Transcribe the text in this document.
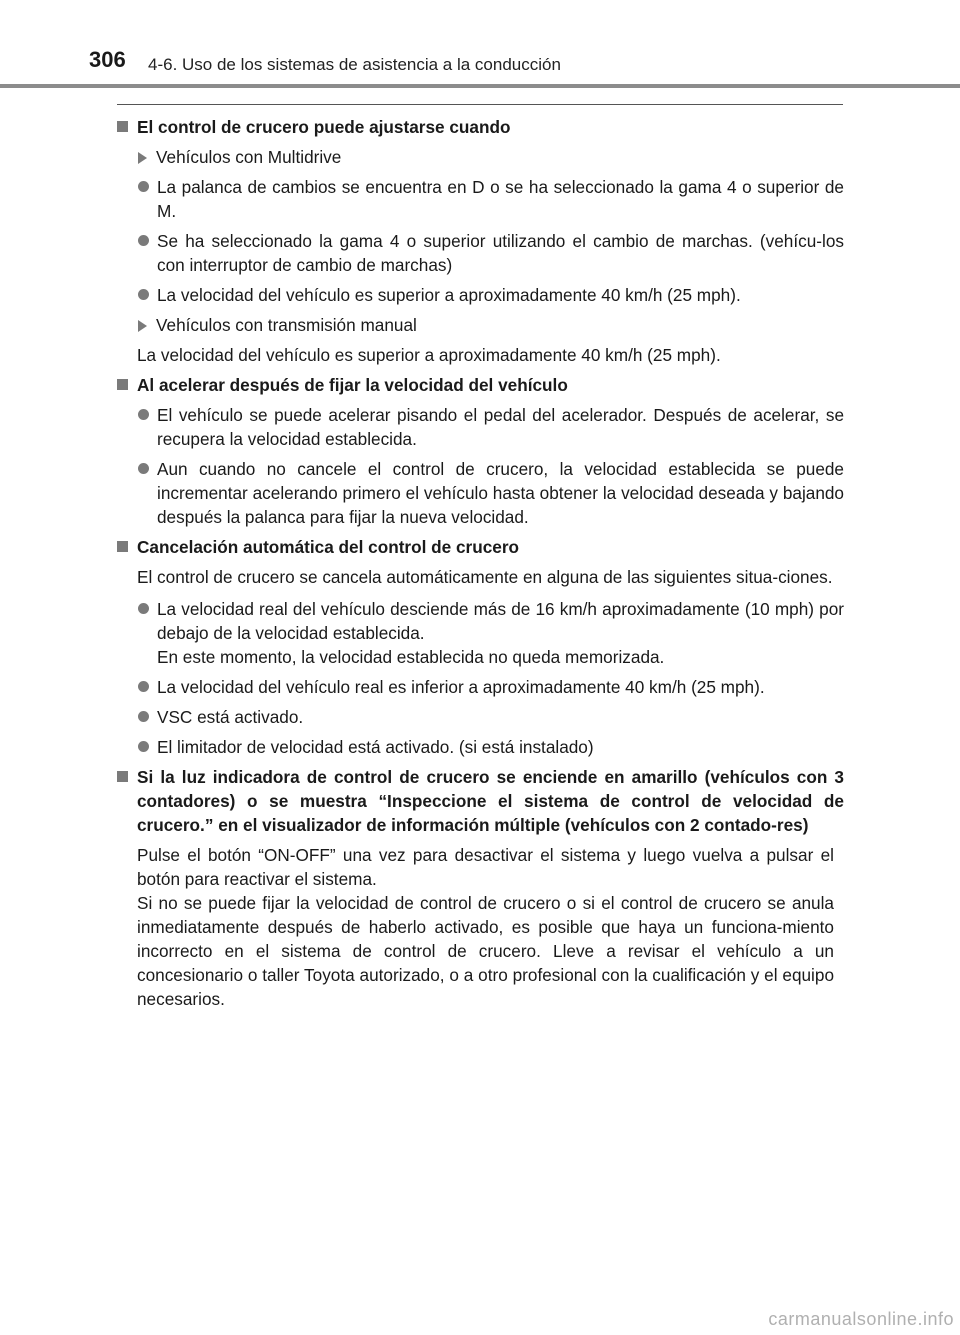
306 4-6. Uso de los sistemas de asistencia a la conducción
El control de crucero puede ajustarse cuando
Vehículos con Multidrive
La palanca de cambios se encuentra en D o se ha seleccionado la gama 4 o superior de M.
Se ha seleccionado la gama 4 o superior utilizando el cambio de marchas. (vehícu-los con interruptor de cambio de marchas)
La velocidad del vehículo es superior a aproximadamente 40 km/h (25 mph).
Vehículos con transmisión manual

La velocidad del vehículo es superior a aproximadamente 40 km/h (25 mph).

Al acelerar después de fijar la velocidad del vehículo
El vehículo se puede acelerar pisando el pedal del acelerador. Después de acelerar, se recupera la velocidad establecida.
Aun cuando no cancele el control de crucero, la velocidad establecida se puede incrementar acelerando primero el vehículo hasta obtener la velocidad deseada y bajando después la palanca para fijar la nueva velocidad.
Cancelación automática del control de crucero

El control de crucero se cancela automáticamente en alguna de las siguientes situa-ciones.

La velocidad real del vehículo desciende más de 16 km/h aproximadamente (10 mph) por debajo de la velocidad establecida.
En este momento, la velocidad establecida no queda memorizada.
La velocidad del vehículo real es inferior a aproximadamente 40 km/h (25 mph).
VSC está activado.
El limitador de velocidad está activado. (si está instalado)
Si la luz indicadora de control de crucero se enciende en amarillo (vehículos con 3 contadores) o se muestra “Inspeccione el sistema de control de velocidad de crucero.” en el visualizador de información múltiple (vehículos con 2 contado-res)

Pulse el botón “ON-OFF” una vez para desactivar el sistema y luego vuelva a pulsar el botón para reactivar el sistema.

Si no se puede fijar la velocidad de control de crucero o si el control de crucero se anula inmediatamente después de haberlo activado, es posible que haya un funciona-miento incorrecto en el sistema de control de crucero. Lleve a revisar el vehículo a un concesionario o taller Toyota autorizado, o a otro profesional con la cualificación y el equipo necesarios.

carmanualsonline.info
